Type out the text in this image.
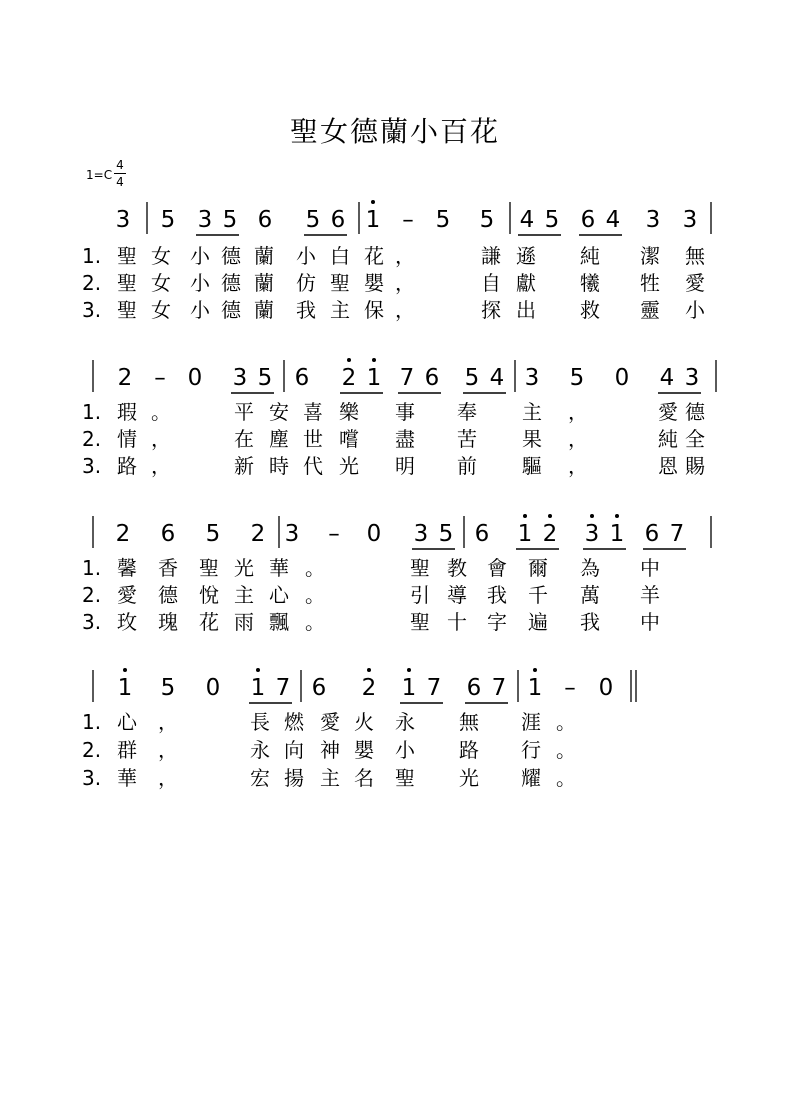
聖女德蘭小百花
1=C
4
4
3 5 3 5 6 5 6 1 – 5 5 4 5 6 4 3 3
1. 聖 女 小 德 蘭 小 白 花 ，	謙 遜 純 潔 無
2. 聖 女 小 德 蘭 仿 聖 嬰 ，	自 獻 犧 牲 愛
3. 聖 女 小 德 蘭 我 主 保 ，	探 出 救 靈 小
2 – 0 3 5 6 2 1 7 6 5 4 3 5 0 4 3
1. 瑕 。	平 安 喜 樂 事 奉 主 ，	愛 德
2. 情 ，	在 塵 世 嚐 盡 苦 果 ，	純 全
3. 路 ，	新 時 代 光 明 前 驅 ，	恩 賜
2 6 5 2 3 – 0 3 5 6 1 2 3 1 6 7
1. 馨 香 聖 光 華 。	聖 教 會 爾 為 中
2. 愛 德 悅 主 心 。	引 導 我 千 萬 羊
3. 玫 瑰 花 雨 飄 。	聖 十 字 遍 我 中
1 5 0 1 7 6 2 1 7 6 7 1 – 0
1. 心 ，	長 燃 愛 火 永 無 涯 。
2. 群 ，	永 向 神 嬰 小 路 行 。
3. 華 ，	宏 揚 主 名 聖 光 耀 。
